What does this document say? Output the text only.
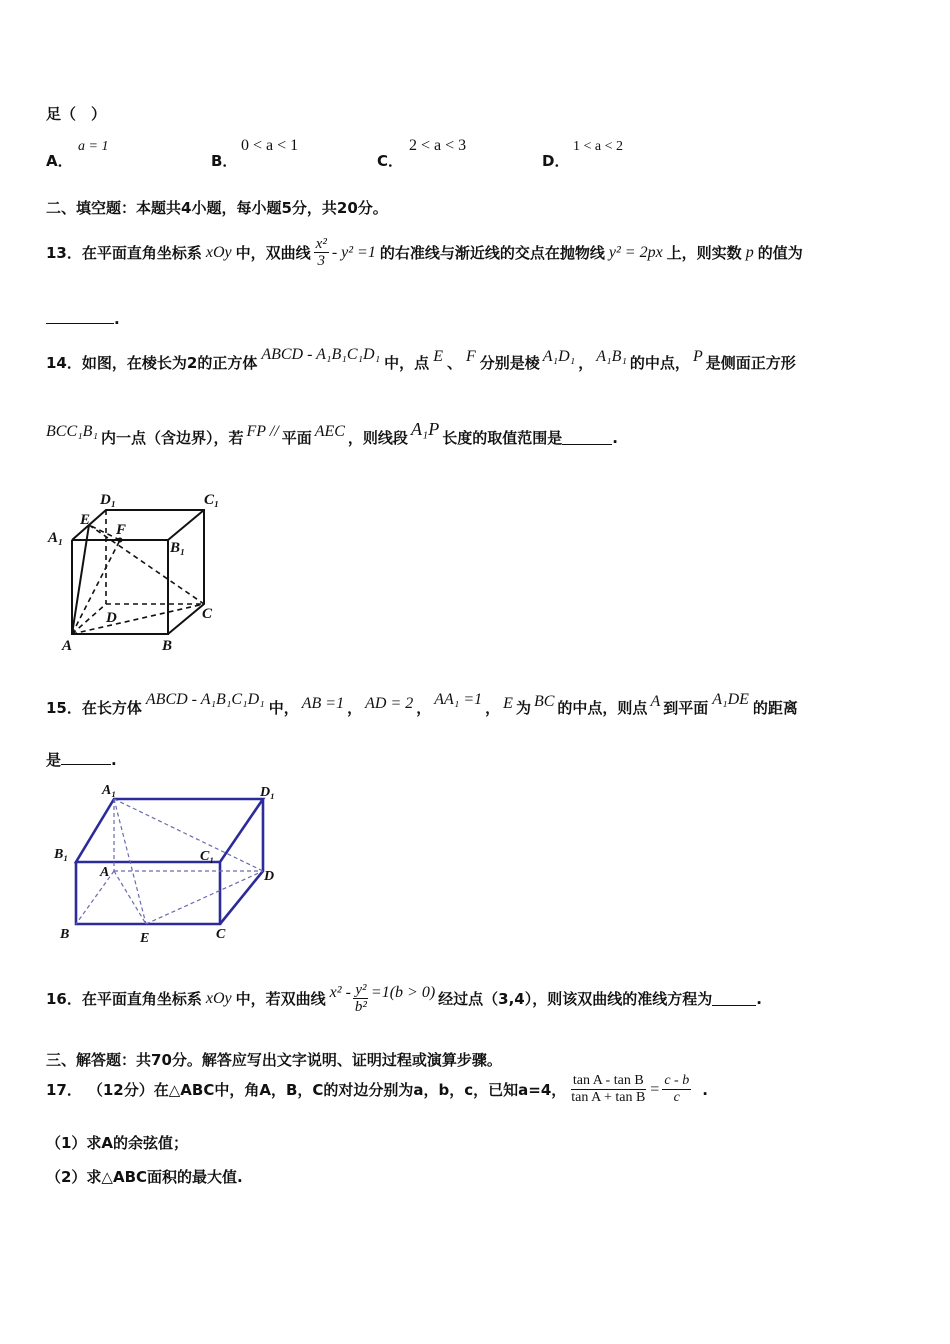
足（　）
A．
a = 1
B．
0 < a < 1
C．
2 < a < 3
D．
1 < a < 2
二、填空题：本题共4小题，每小题5分，共20分。
13． 在平面直角坐标系 xOy 中，双曲线 $\frac{\text{x²}}{3} - y^2 =1$ 的右准线与渐近线的交点在抛物线 y² = 2px 上，则实数 p 的值为
.
14． 如图，在棱长为2的正方体 ABCD - A₁B₁C₁D₁ 中，点 E 、 F 分别是棱 A₁D₁ ， A₁B₁ 的中点， P 是侧面正方形
BCC₁B₁ 内一点（含边界），若 FP // 平面 AEC ，则线段 A₁P 长度的取值范围是	.
D₁	C₁
A₁
E
F
B₁
D	C
A	B
15． 在长方体 ABCD - A₁B₁C₁D₁ 中， AB =1 ， AD = 2 ， AA₁ =1 ， E 为 BC 的中点，则点 A 到平面 A₁DE 的距离
是	.
A₁	D₁
B₁	C₁
A	D
B	E	C
16． 在平面直角坐标系 xOy 中，若双曲线 $x^2 - \frac{\text{y²}}{\text{b²}} =1(b > 0)$ 经过点（3,4），则该双曲线的准线方程为	.
三、解答题：共70分。解答应写出文字说明、证明过程或演算步骤。
17． （12分）在△ABC中，角A，B，C的对边分别为a，b，c，已知a=4， $\frac{\text{tan A - tan B}}{\text{tan A + tan B}} = \frac{c - b}{c}$ .
（1）求A的余弦值；
（2）求△ABC面积的最大值.
